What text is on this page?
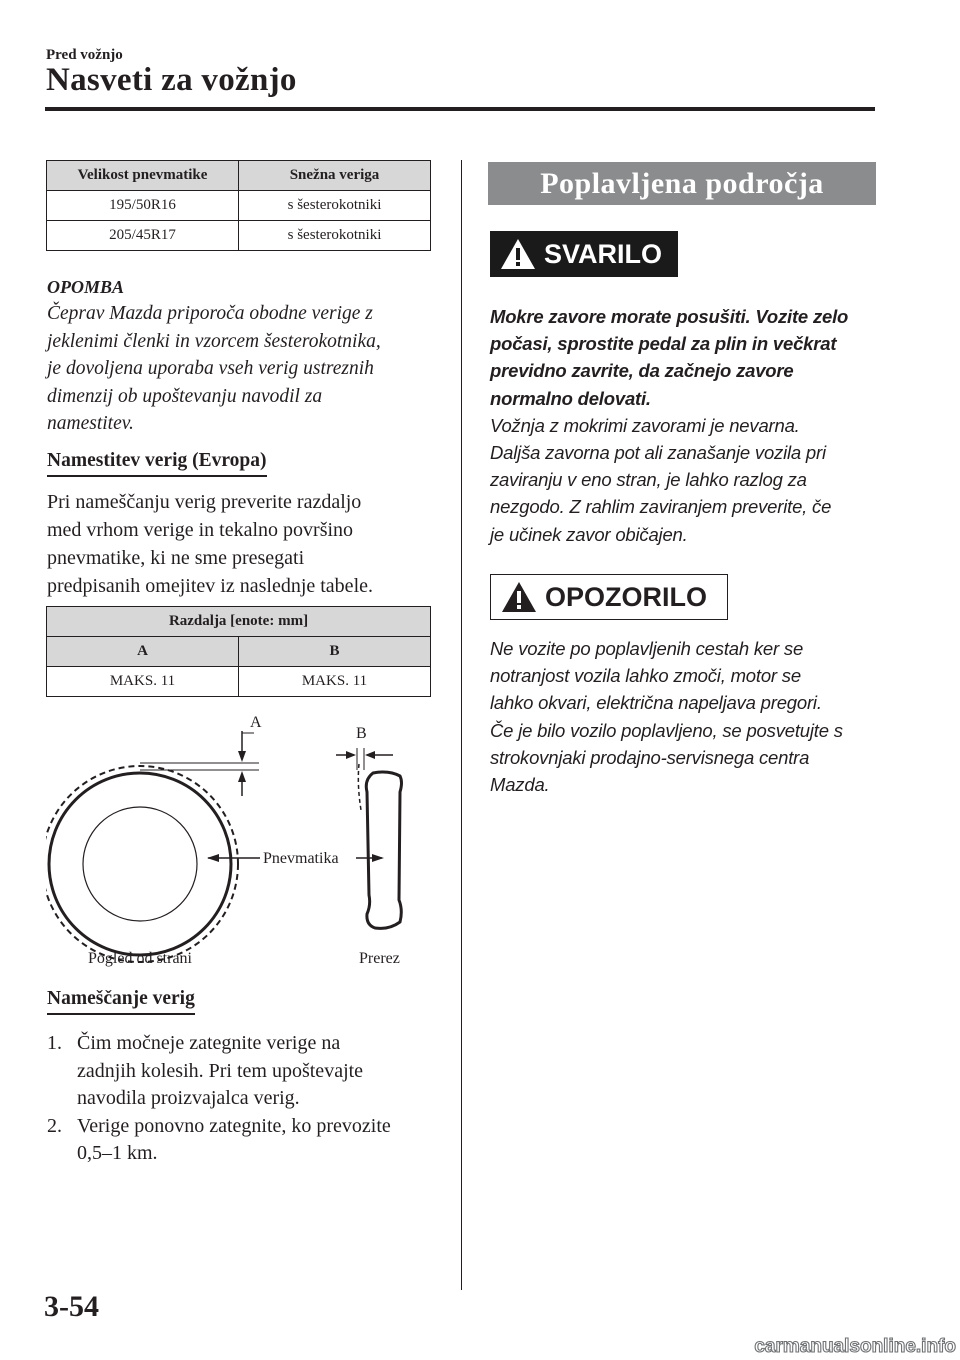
Pred vožnjo
Nasveti za vožnjo
Velikost pnevmatike	Snežna veriga
195/50R16	s šesterokotniki
205/45R17	s šesterokotniki
OPOMBA
Čeprav Mazda priporoča obodne verige z
jeklenimi členki in vzorcem šesterokotnika,
je dovoljena uporaba vseh verig ustreznih
dimenzij ob upoštevanju navodil za
namestitev.
Namestitev verig (Evropa)
Pri nameščanju verig preverite razdaljo
med vrhom verige in tekalno površino
pnevmatike, ki ne sme presegati
predpisanih omejitev iz naslednje tabele.
Razdalja [enote: mm]	
A	B
MAKS. 11	MAKS. 11
A
B
Pnevmatika
Pogled od strani	Prerez
Nameščanje verig
1. Čim močneje zategnite verige na
zadnjih kolesih. Pri tem upoštevajte
navodila proizvajalca verig.
2. Verige ponovno zategnite, ko prevozite
0,5–1 km.
Poplavljena področja
SVARILO
Mokre zavore morate posušiti. Vozite zelo
počasi, sprostite pedal za plin in večkrat
previdno zavrite, da začnejo zavore
normalno delovati.
Vožnja z mokrimi zavorami je nevarna.
Daljša zavorna pot ali zanašanje vozila pri
zaviranju v eno stran, je lahko razlog za
nezgodo. Z rahlim zaviranjem preverite, če
je učinek zavor običajen.
OPOZORILO
Ne vozite po poplavljenih cestah ker se
notranjost vozila lahko zmoči, motor se
lahko okvari, električna napeljava pregori.
Če je bilo vozilo poplavljeno, se posvetujte s
strokovnjaki prodajno-servisnega centra
Mazda.
3-54
carmanualsonline.info
